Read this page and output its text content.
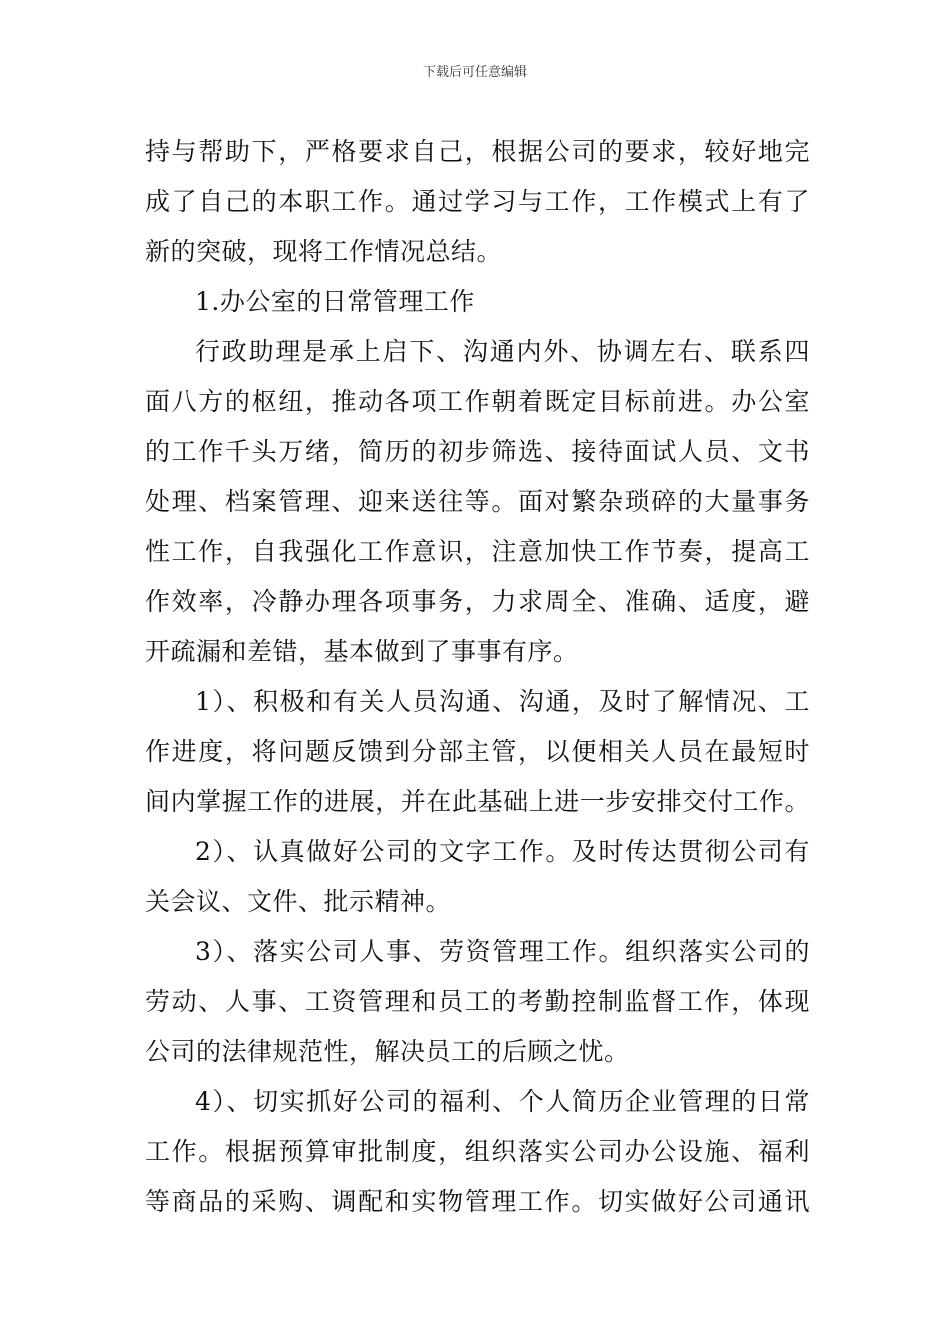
下载后可任意编辑
持与帮助下，严格要求自己，根据公司的要求，较好地完
成了自己的本职工作。通过学习与工作，工作模式上有了
新的突破，现将工作情况总结。
1.办公室的日常管理工作
行政助理是承上启下、沟通内外、协调左右、联系四
面八方的枢纽，推动各项工作朝着既定目标前进。办公室
的工作千头万绪，简历的初步筛选、接待面试人员、文书
处理、档案管理、迎来送往等。面对繁杂琐碎的大量事务
性工作，自我强化工作意识，注意加快工作节奏，提高工
作效率，冷静办理各项事务，力求周全、准确、适度，避
开疏漏和差错，基本做到了事事有序。
1）、积极和有关人员沟通、沟通，及时了解情况、工
作进度，将问题反馈到分部主管，以便相关人员在最短时
间内掌握工作的进展，并在此基础上进一步安排交付工作。
2）、认真做好公司的文字工作。及时传达贯彻公司有
关会议、文件、批示精神。
3）、落实公司人事、劳资管理工作。组织落实公司的
劳动、人事、工资管理和员工的考勤控制监督工作，体现
公司的法律规范性，解决员工的后顾之忧。
4）、切实抓好公司的福利、个人简历企业管理的日常
工作。根据预算审批制度，组织落实公司办公设施、福利
等商品的采购、调配和实物管理工作。切实做好公司通讯
